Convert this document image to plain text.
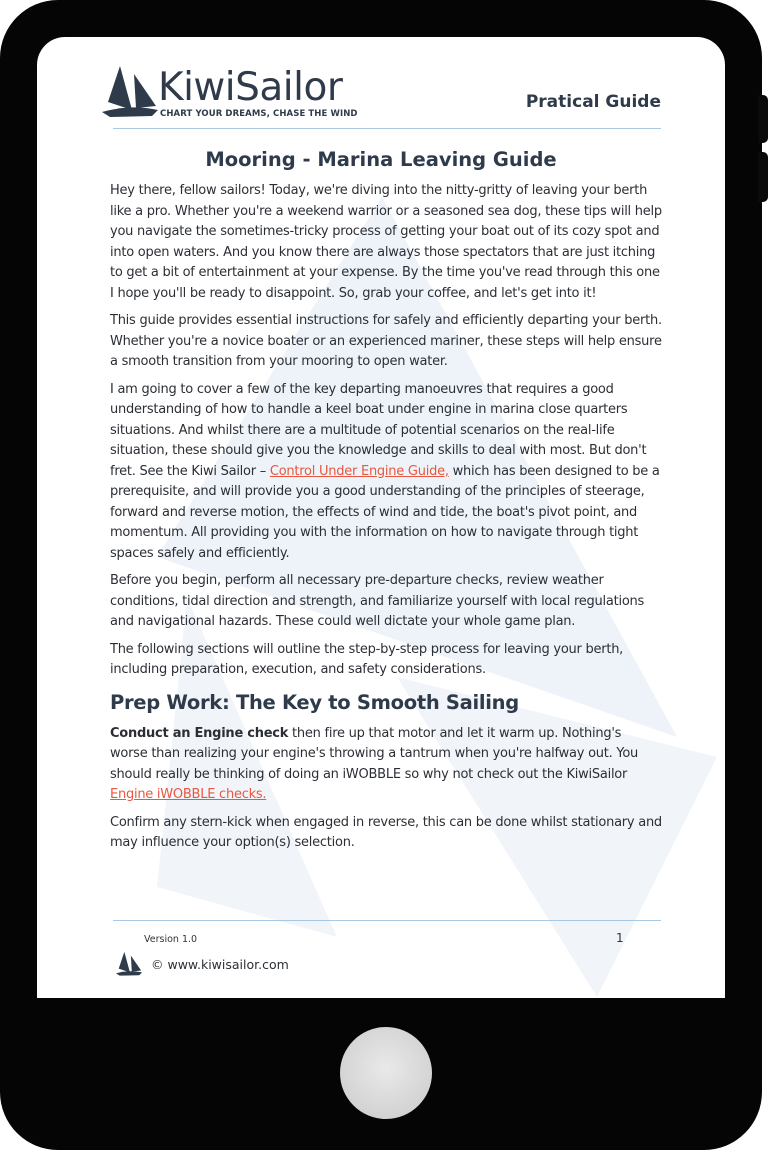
KiwiSailor
CHART YOUR DREAMS, CHASE THE WIND
Pratical Guide
Mooring - Marina Leaving Guide

Hey there, fellow sailors! Today, we're diving into the nitty-gritty of leaving your berth like a pro. Whether you're a weekend warrior or a seasoned sea dog, these tips will help you navigate the sometimes-tricky process of getting your boat out of its cozy spot and into open waters. And you know there are always those spectators that are just itching to get a bit of entertainment at your expense. By the time you've read through this one I hope you'll be ready to disappoint. So, grab your coffee, and let's get into it!

This guide provides essential instructions for safely and efficiently departing your berth. Whether you're a novice boater or an experienced mariner, these steps will help ensure a smooth transition from your mooring to open water.

I am going to cover a few of the key departing manoeuvres that requires a good understanding of how to handle a keel boat under engine in marina close quarters situations. And whilst there are a multitude of potential scenarios on the real-life situation, these should give you the knowledge and skills to deal with most. But don't fret. See the Kiwi Sailor – Control Under Engine Guide, which has been designed to be a prerequisite, and will provide you a good understanding of the principles of steerage, forward and reverse motion, the effects of wind and tide, the boat's pivot point, and momentum. All providing you with the information on how to navigate through tight spaces safely and efficiently.

Before you begin, perform all necessary pre-departure checks, review weather conditions, tidal direction and strength, and familiarize yourself with local regulations and navigational hazards. These could well dictate your whole game plan.

The following sections will outline the step-by-step process for leaving your berth, including preparation, execution, and safety considerations.

Prep Work: The Key to Smooth Sailing

Conduct an Engine check then fire up that motor and let it warm up. Nothing's worse than realizing your engine's throwing a tantrum when you're halfway out. You should really be thinking of doing an iWOBBLE so why not check out the KiwiSailor Engine iWOBBLE checks.

Confirm any stern-kick when engaged in reverse, this can be done whilst stationary and may influence your option(s) selection.

Version 1.0	1
© www.kiwisailor.com
